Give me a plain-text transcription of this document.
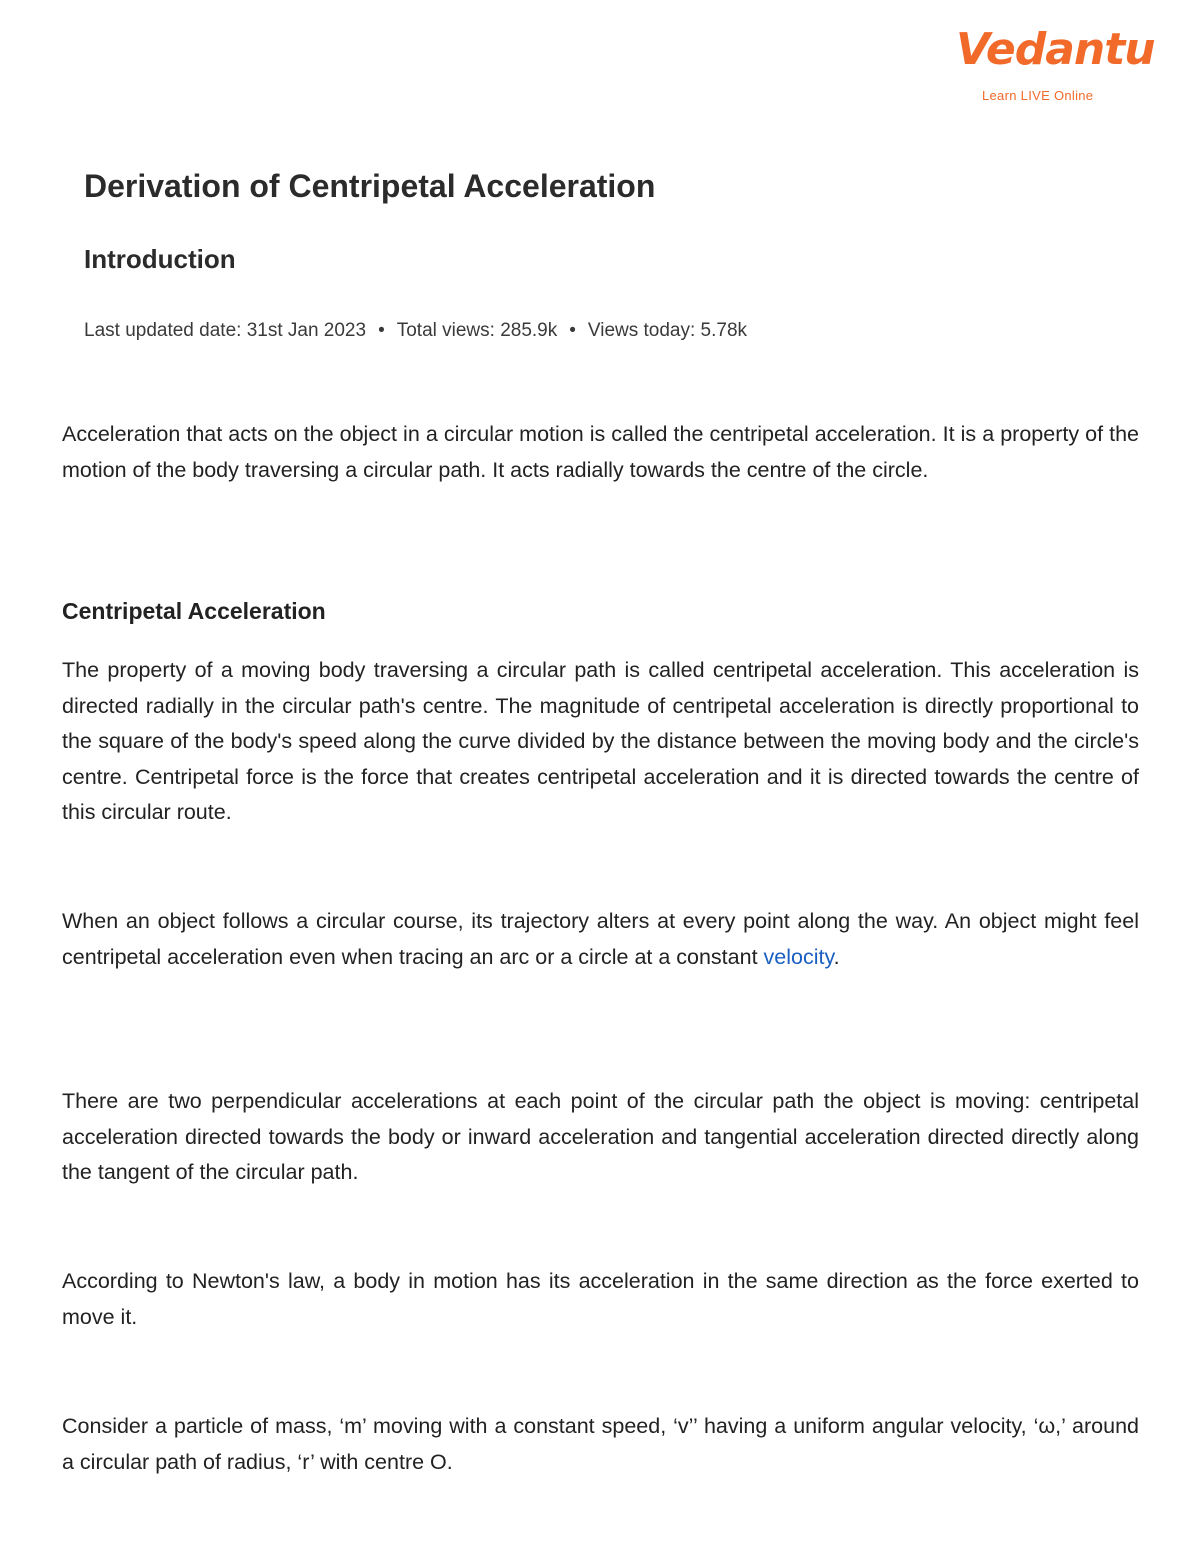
Vedantu
Learn LIVE Online
Derivation of Centripetal Acceleration
Introduction
Last updated date: 31st Jan 2023 • Total views: 285.9k • Views today: 5.78k

Acceleration that acts on the object in a circular motion is called the centripetal acceleration. It is a property of the motion of the body traversing a circular path. It acts radially towards the centre of the circle.

Centripetal Acceleration

The property of a moving body traversing a circular path is called centripetal acceleration. This acceleration is directed radially in the circular path's centre. The magnitude of centripetal acceleration is directly proportional to the square of the body's speed along the curve divided by the distance between the moving body and the circle's centre. Centripetal force is the force that creates centripetal acceleration and it is directed towards the centre of this circular route.

When an object follows a circular course, its trajectory alters at every point along the way. An object might feel centripetal acceleration even when tracing an arc or a circle at a constant velocity.

There are two perpendicular accelerations at each point of the circular path the object is moving: centripetal acceleration directed towards the body or inward acceleration and tangential acceleration directed directly along the tangent of the circular path.

According to Newton's law, a body in motion has its acceleration in the same direction as the force exerted to move it.

Consider a particle of mass, ‘m’ moving with a constant speed, ‘v’’ having a uniform angular velocity, ‘ω,’ around a circular path of radius, ‘r’ with centre O.
